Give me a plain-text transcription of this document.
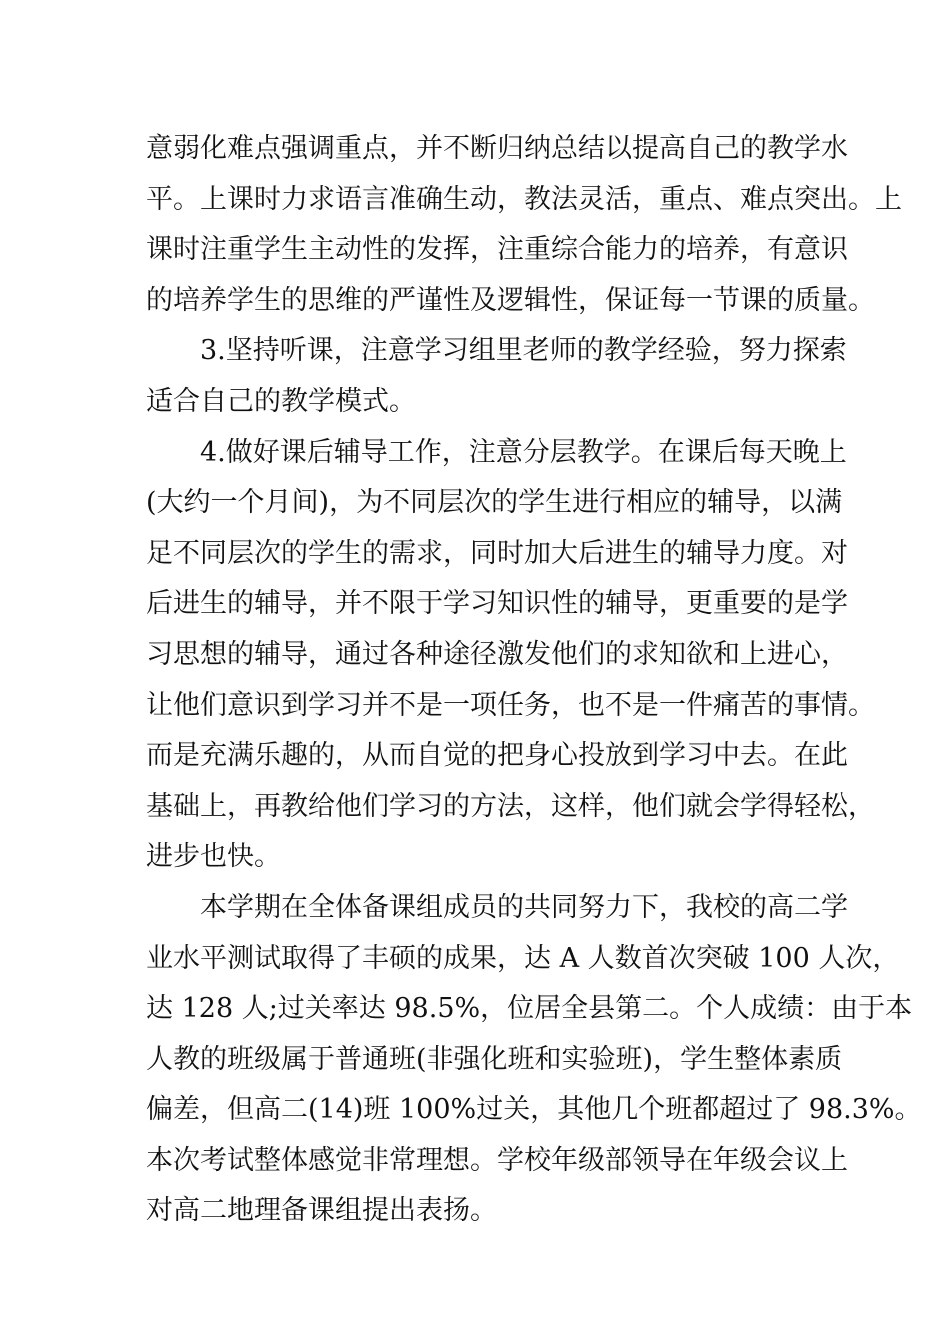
意弱化难点强调重点，并不断归纳总结以提高自己的教学水
平。上课时力求语言准确生动，教法灵活，重点、难点突出。上
课时注重学生主动性的发挥，注重综合能力的培养，有意识
的培养学生的思维的严谨性及逻辑性，保证每一节课的质量。
3.坚持听课，注意学习组里老师的教学经验，努力探索
适合自己的教学模式。
4.做好课后辅导工作，注意分层教学。在课后每天晚上
(大约一个月间)，为不同层次的学生进行相应的辅导，以满
足不同层次的学生的需求，同时加大后进生的辅导力度。对
后进生的辅导，并不限于学习知识性的辅导，更重要的是学
习思想的辅导，通过各种途径激发他们的求知欲和上进心，
让他们意识到学习并不是一项任务，也不是一件痛苦的事情。
而是充满乐趣的，从而自觉的把身心投放到学习中去。在此
基础上，再教给他们学习的方法，这样，他们就会学得轻松，
进步也快。
本学期在全体备课组成员的共同努力下，我校的高二学
业水平测试取得了丰硕的成果，达 A 人数首次突破 100 人次，
达 128 人;过关率达 98.5%，位居全县第二。个人成绩：由于本
人教的班级属于普通班(非强化班和实验班)，学生整体素质
偏差，但高二(14)班 100%过关，其他几个班都超过了 98.3%。
本次考试整体感觉非常理想。学校年级部领导在年级会议上
对高二地理备课组提出表扬。
